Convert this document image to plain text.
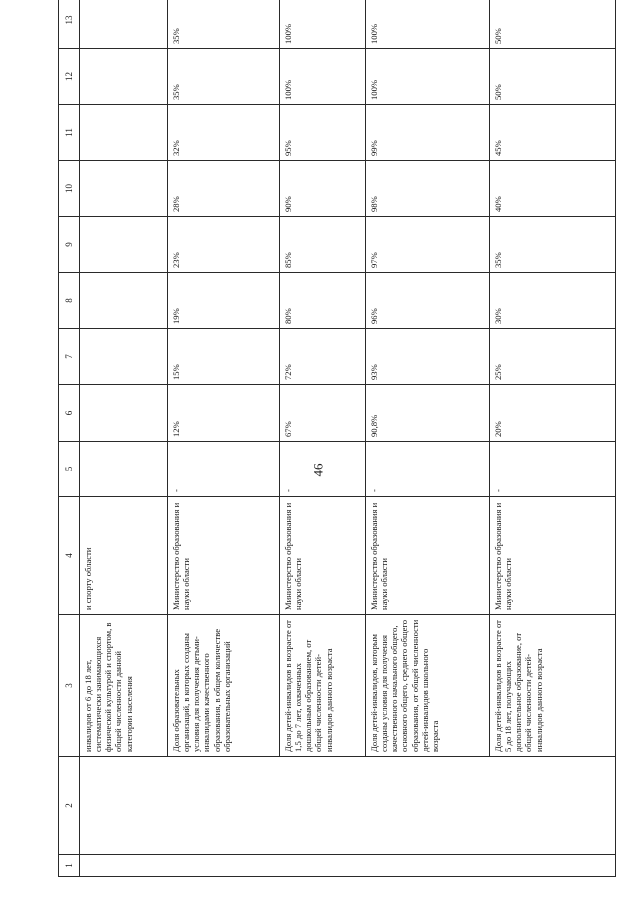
46
1	2	3	4	5	6	7	8	9	10	11	12	13
		инвалидов от 6 до 18 лет, систематически занимающихся физической культурой и спортом, в общей численности данной категории населения	и спорту области									
		Доля образовательных организаций, в которых созданы условия для получения детьми-инвалидами качественного образования, в общем количестве образовательных организаций	Министерство образования и науки области	-	12%	15%	19%	23%	28%	32%	35%	35%
		Доля детей-инвалидов в возрасте от 1,5 до 7 лет, охваченных дошкольным образованием, от общей численности детей-инвалидов данного возраста	Министерство образования и науки области	-	67%	72%	80%	85%	90%	95%	100%	100%
		Доля детей-инвалидов, которым созданы условия для получения качественного начального общего, основного общего, среднего общего образования, от общей численности детей-инвалидов школьного возраста	Министерство образования и науки области	-	90,8%	93%	96%	97%	98%	99%	100%	100%
		Доля детей-инвалидов в возрасте от 5 до 18 лет, получающих дополнительное образование, от общей численности детей-инвалидов данного возраста	Министерство образования и науки области	-	20%	25%	30%	35%	40%	45%	50%	50%
